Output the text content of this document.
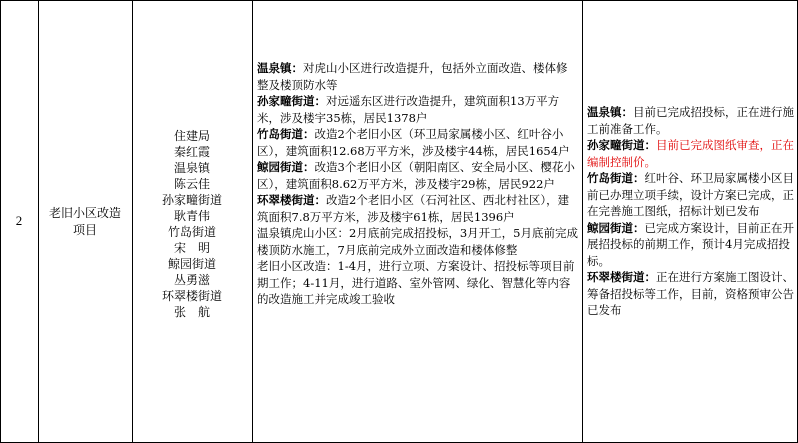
2
老旧小区改造项目
住建局
秦红霞
温泉镇
陈云佳
孙家疃街道
耿青伟
竹岛街道
宋　明
鲸园街道
丛勇滋
环翠楼街道
张　航
温泉镇：对虎山小区进行改造提升，包括外立面改造、楼体修整及楼顶防水等
孙家疃街道：对远遥东区进行改造提升，建筑面积13万平方米，涉及楼宇35栋，居民1378户
竹岛街道：改造2个老旧小区（环卫局家属楼小区、红叶谷小区），建筑面积12.68万平方米，涉及楼宇44栋，居民1654户
鲸园街道：改造3个老旧小区（朝阳南区、安全局小区、樱花小区），建筑面积8.62万平方米，涉及楼宇29栋，居民922户
环翠楼街道：改造2个老旧小区（石河社区、西北村社区），建筑面积7.8万平方米，涉及楼宇61栋，居民1396户
温泉镇虎山小区：2月底前完成招投标，3月开工，5月底前完成楼顶防水施工，7月底前完成外立面改造和楼体修整
老旧小区改造：1-4月，进行立项、方案设计、招投标等项目前期工作；4-11月，进行道路、室外管网、绿化、智慧化等内容的改造施工并完成竣工验收
温泉镇：目前已完成招投标，正在进行施工前准备工作。
孙家疃街道：目前已完成图纸审查，正在编制控制价。
竹岛街道：红叶谷、环卫局家属楼小区目前已办理立项手续，设计方案已完成，正在完善施工图纸，招标计划已发布
鲸园街道：已完成方案设计，目前正在开展招投标的前期工作，预计4月完成招投标。
环翠楼街道：正在进行方案施工图设计、筹备招投标等工作，目前，资格预审公告已发布
